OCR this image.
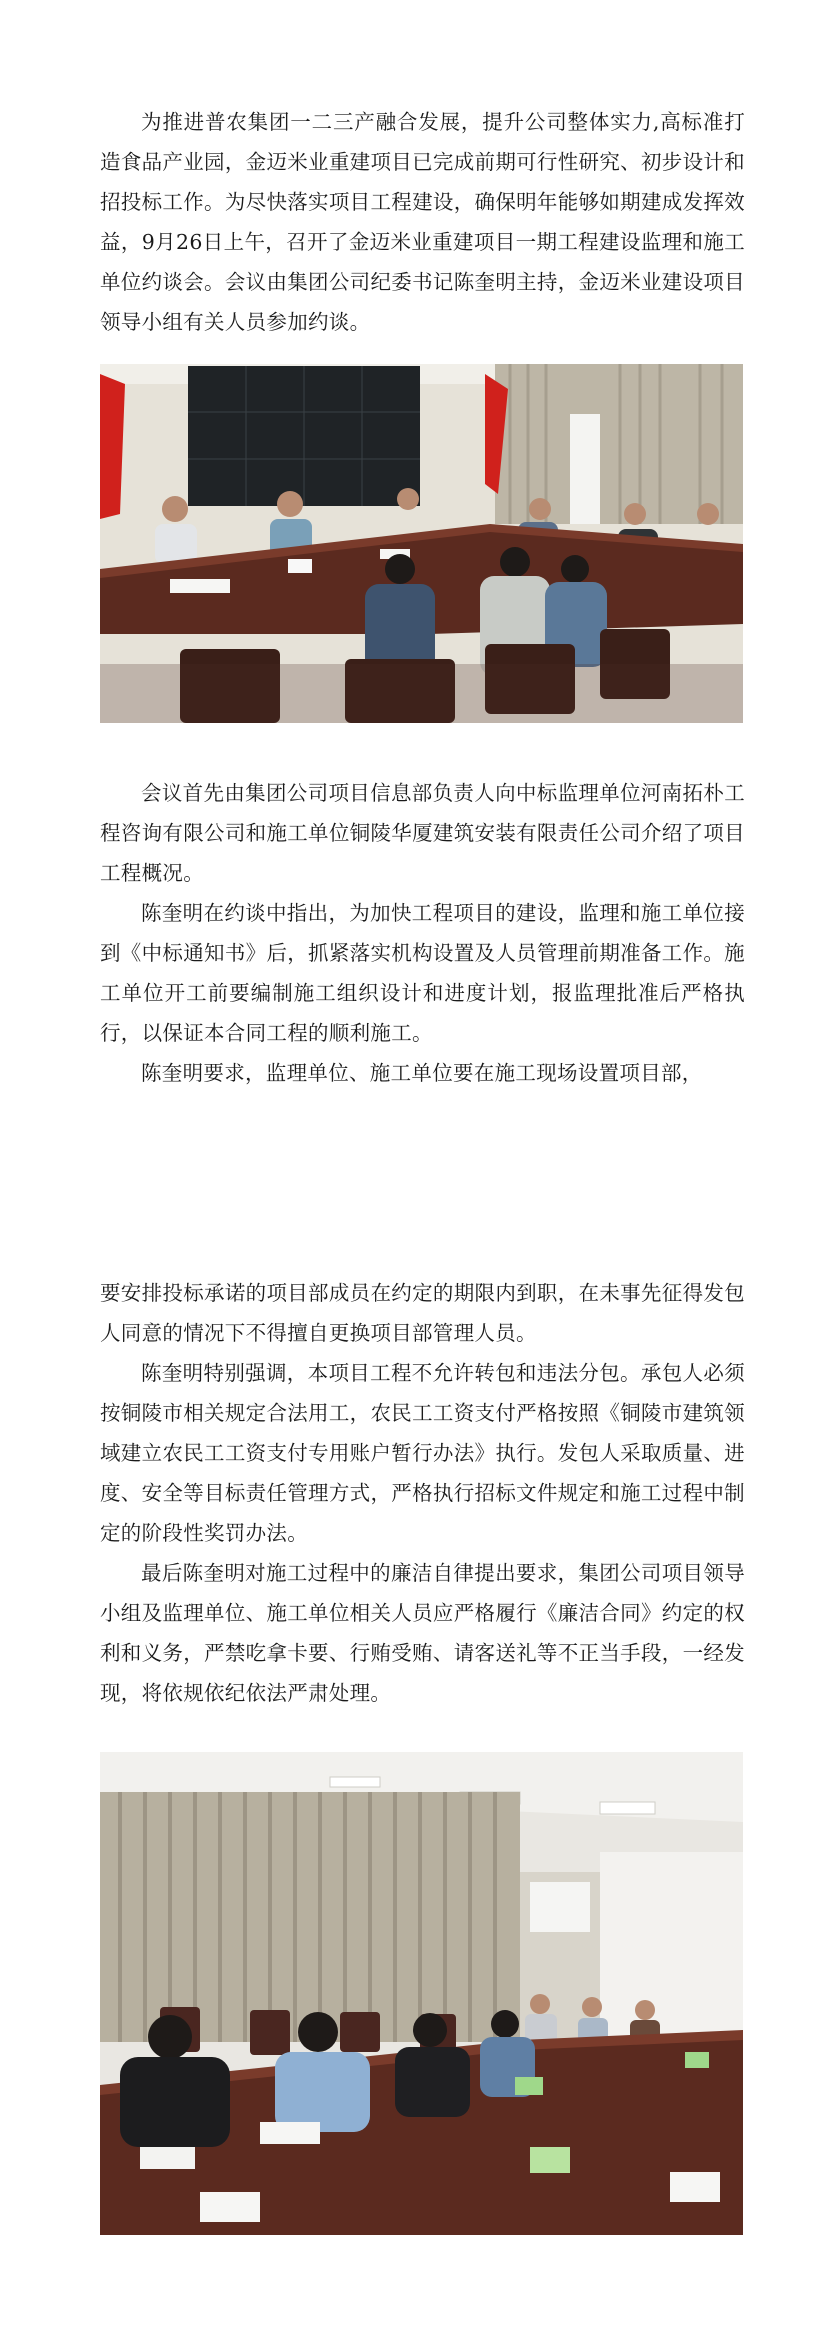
为推进普农集团一二三产融合发展，提升公司整体实力,高标准打造食品产业园，金迈米业重建项目已完成前期可行性研究、初步设计和招投标工作。为尽快落实项目工程建设，确保明年能够如期建成发挥效益，9月26日上午，召开了金迈米业重建项目一期工程建设监理和施工单位约谈会。会议由集团公司纪委书记陈奎明主持，金迈米业建设项目领导小组有关人员参加约谈。

会议首先由集团公司项目信息部负责人向中标监理单位河南拓朴工程咨询有限公司和施工单位铜陵华厦建筑安装有限责任公司介绍了项目工程概况。

陈奎明在约谈中指出，为加快工程项目的建设，监理和施工单位接到《中标通知书》后，抓紧落实机构设置及人员管理前期准备工作。施工单位开工前要编制施工组织设计和进度计划，报监理批准后严格执行，以保证本合同工程的顺利施工。

陈奎明要求，监理单位、施工单位要在施工现场设置项目部，

要安排投标承诺的项目部成员在约定的期限内到职，在未事先征得发包人同意的情况下不得擅自更换项目部管理人员。

陈奎明特别强调，本项目工程不允许转包和违法分包。承包人必须按铜陵市相关规定合法用工，农民工工资支付严格按照《铜陵市建筑领域建立农民工工资支付专用账户暂行办法》执行。发包人采取质量、进度、安全等目标责任管理方式，严格执行招标文件规定和施工过程中制定的阶段性奖罚办法。

最后陈奎明对施工过程中的廉洁自律提出要求，集团公司项目领导小组及监理单位、施工单位相关人员应严格履行《廉洁合同》约定的权利和义务，严禁吃拿卡要、行贿受贿、请客送礼等不正当手段，一经发现，将依规依纪依法严肃处理。
